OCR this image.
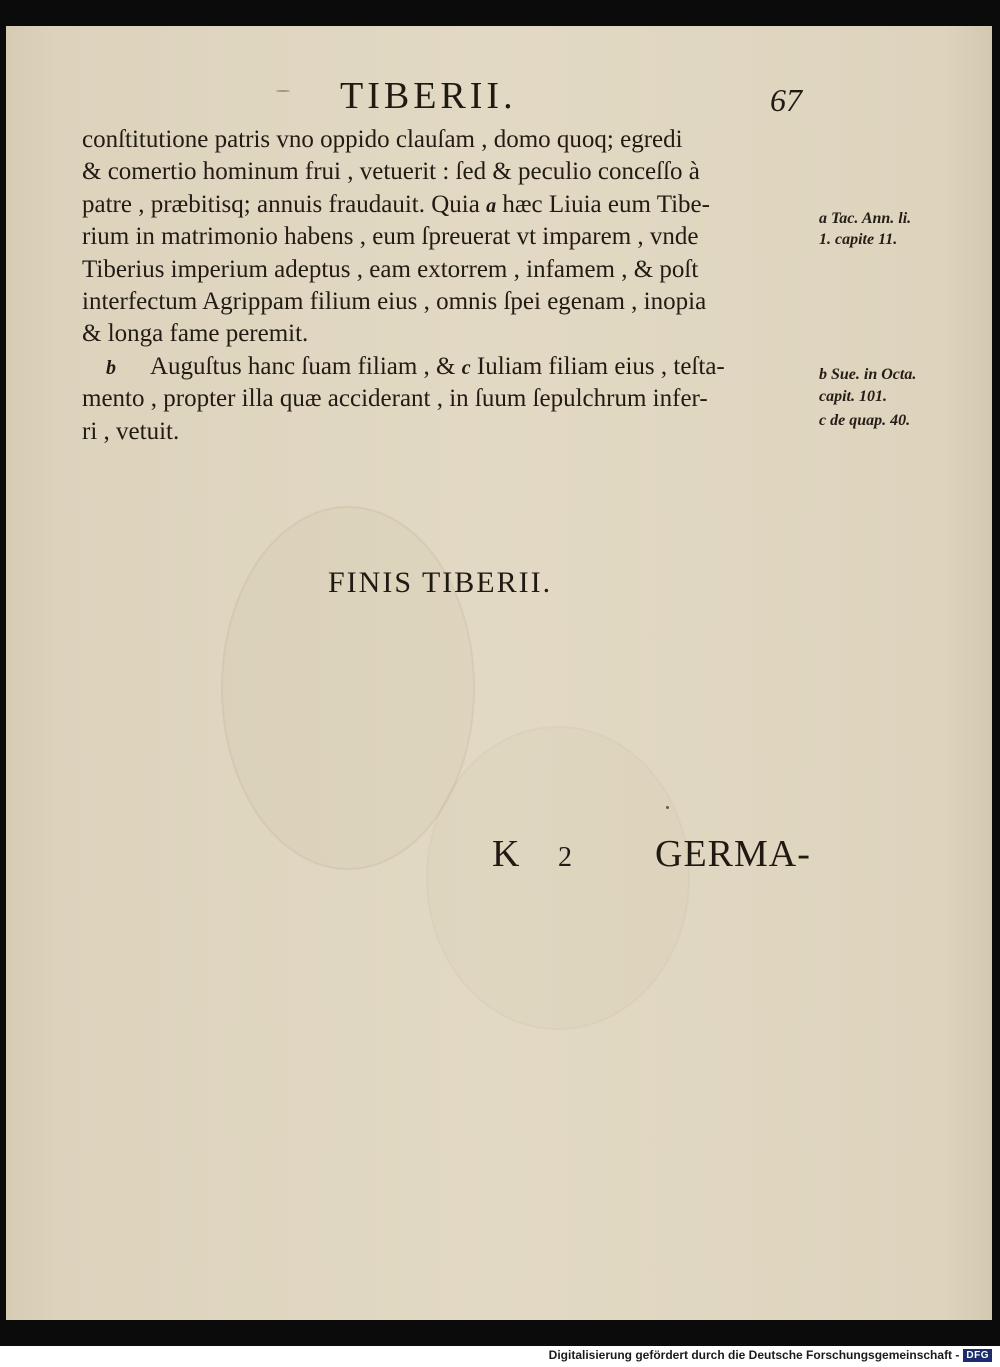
TIBERII.	67
conſtitutione patris vno oppido clauſam , domo quoq; egredi
& comertio hominum frui , vetuerit : ſed & peculio conceſſo à
patre , præbitisq; annuis fraudauit. Quia a hæc Liuia eum Tibe-
rium in matrimonio habens , eum ſpreuerat vt imparem , vnde
Tiberius imperium adeptus , eam extorrem , infamem , & poſt
interfectum Agrippam filium eius , omnis ſpei egenam , inopia
& longa fame peremit.
b Auguſtus hanc ſuam filiam , & c Iuliam filiam eius , teſta-
mento , propter illa quæ acciderant , in ſuum ſepulchrum infer-
ri , vetuit.
a Tac. Ann. li.
1. capite 11.
b Sue. in Octa.
capit. 101.
c de quap. 40.
FINIS TIBERII.
K 2 GERMA-
Digitalisierung gefördert durch die Deutsche Forschungsgemeinschaft - DFG
